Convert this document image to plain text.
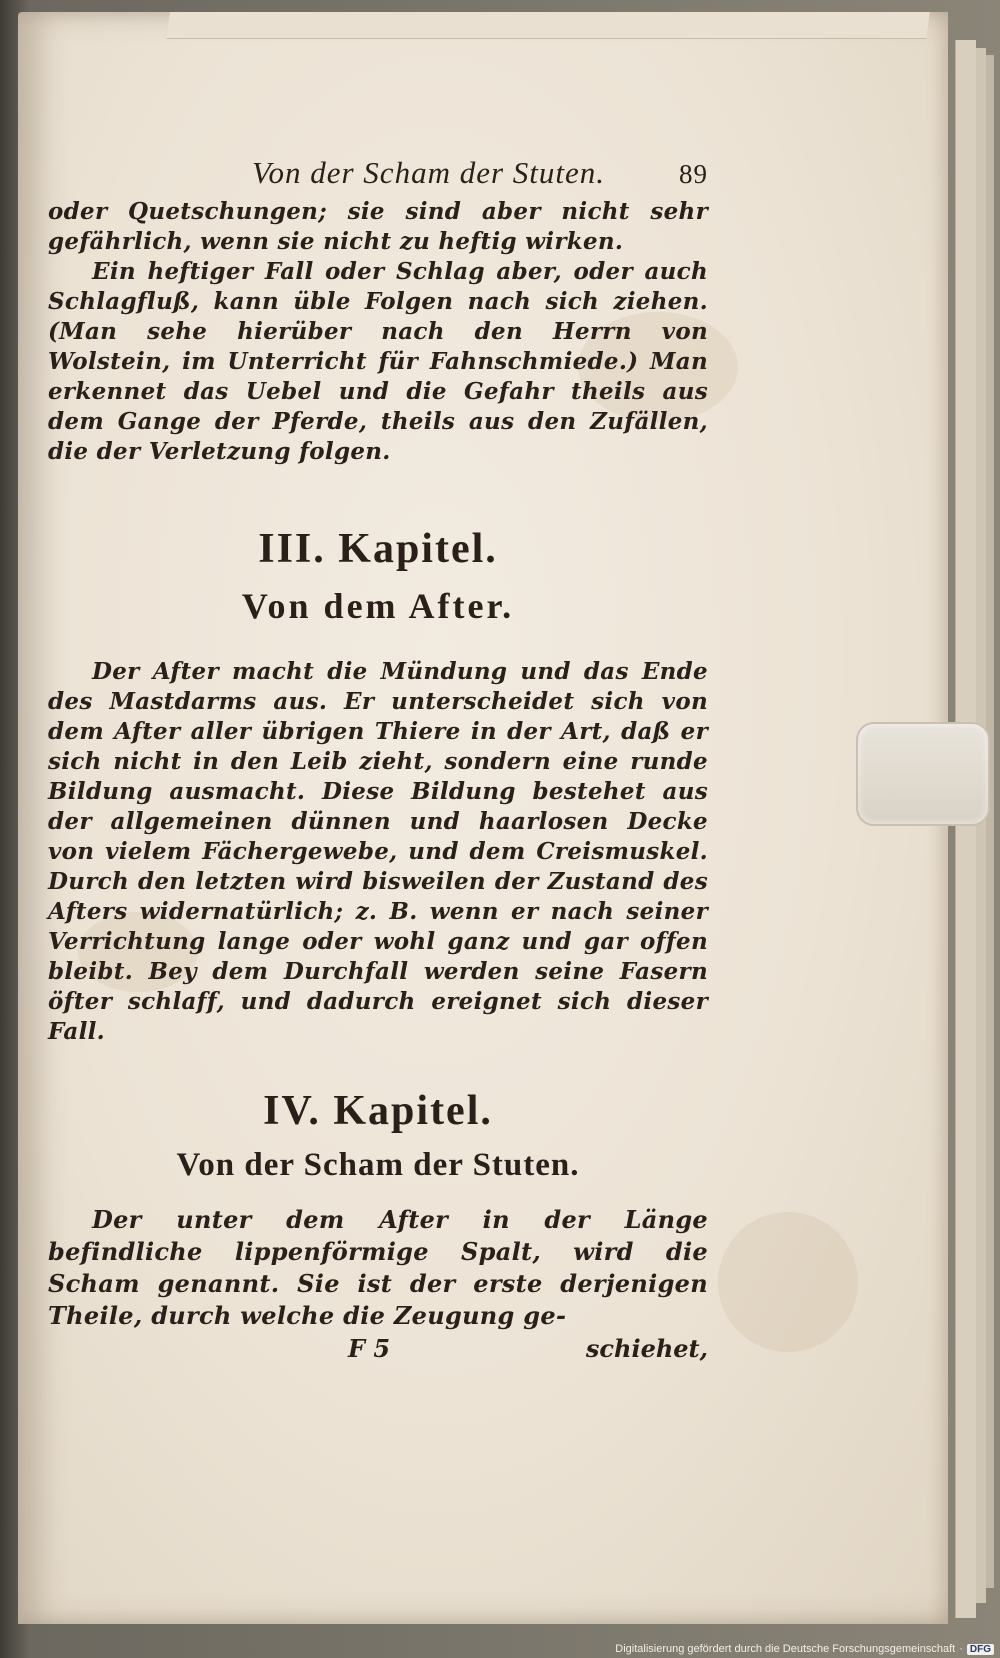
Von der Scham der Stuten.	89

oder Quetschungen; sie sind aber nicht sehr gefährlich, wenn sie nicht zu heftig wirken.

Ein heftiger Fall oder Schlag aber, oder auch Schlagfluß, kann üble Folgen nach sich ziehen. (Man sehe hierüber nach den Herrn von Wolstein, im Unterricht für Fahnschmiede.) Man erkennet das Uebel und die Gefahr theils aus dem Gange der Pferde, theils aus den Zufällen, die der Verletzung folgen.

III. Kapitel.
Von dem After.

Der After macht die Mündung und das Ende des Mastdarms aus. Er unterscheidet sich von dem After aller übrigen Thiere in der Art, daß er sich nicht in den Leib zieht, sondern eine runde Bildung ausmacht. Diese Bildung bestehet aus der allgemeinen dünnen und haarlosen Decke von vielem Fächergewebe, und dem Creismuskel. Durch den letzten wird bisweilen der Zustand des Afters widernatürlich; z. B. wenn er nach seiner Verrichtung lange oder wohl ganz und gar offen bleibt. Bey dem Durchfall werden seine Fasern öfter schlaff, und dadurch ereignet sich dieser Fall.

IV. Kapitel.
Von der Scham der Stuten.

Der unter dem After in der Länge befindliche lippenförmige Spalt, wird die Scham genannt. Sie ist der erste derjenigen Theile, durch welche die Zeugung ge-

F 5	schiehet,
Digitalisierung gefördert durch die Deutsche Forschungsgemeinschaft · DFG
